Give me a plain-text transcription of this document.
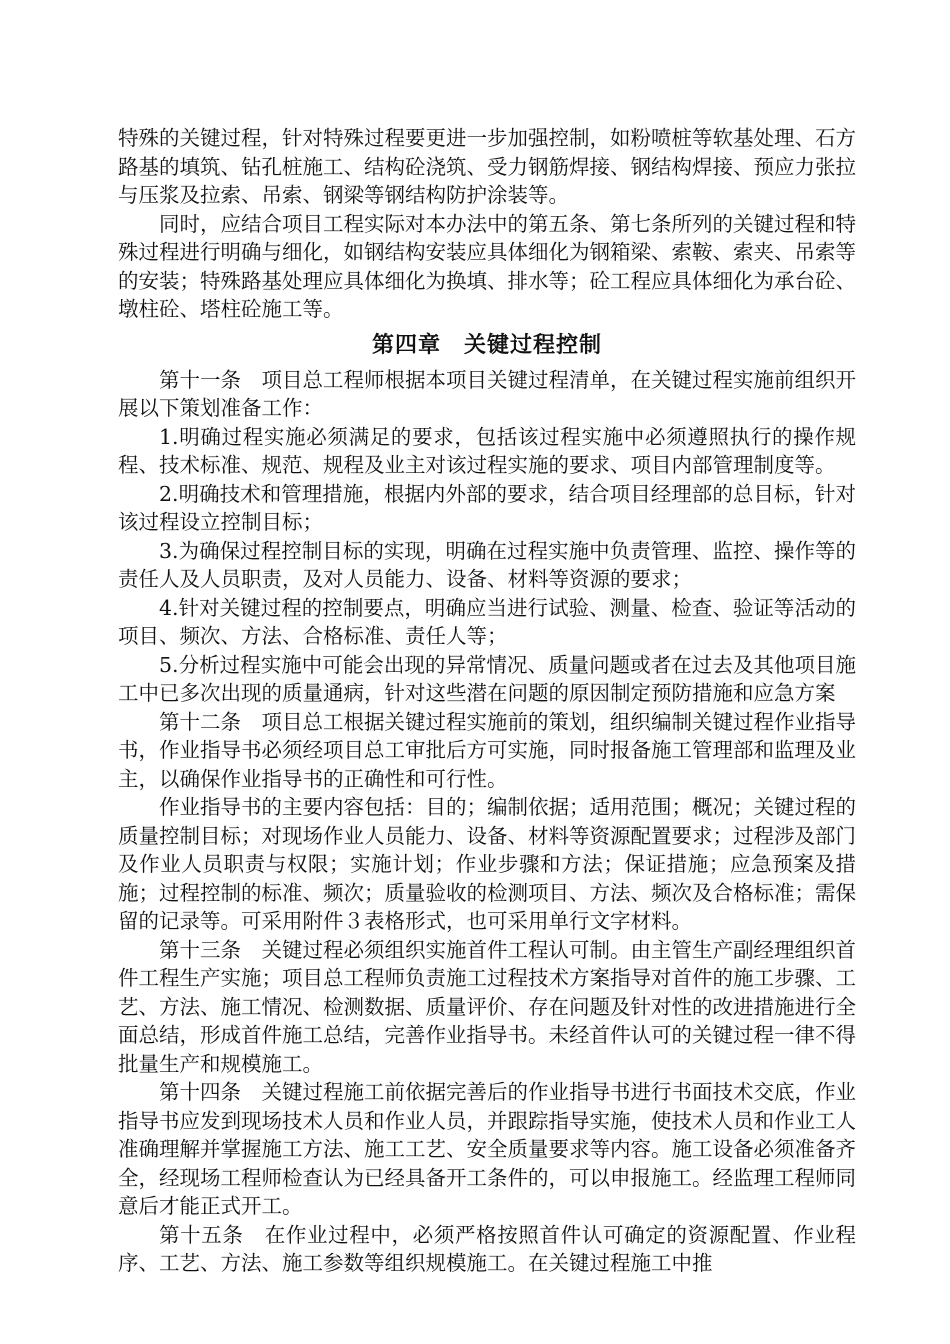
特殊的关键过程，针对特殊过程要更进一步加强控制，如粉喷桩等软基处理、石方路基的填筑、钻孔桩施工、结构砼浇筑、受力钢筋焊接、钢结构焊接、预应力张拉与压浆及拉索、吊索、钢梁等钢结构防护涂装等。

同时，应结合项目工程实际对本办法中的第五条、第七条所列的关键过程和特殊过程进行明确与细化，如钢结构安装应具体细化为钢箱梁、索鞍、索夹、吊索等的安装；特殊路基处理应具体细化为换填、排水等；砼工程应具体细化为承台砼、墩柱砼、塔柱砼施工等。

第四章　关键过程控制

第十一条　项目总工程师根据本项目关键过程清单，在关键过程实施前组织开展以下策划准备工作：

1.明确过程实施必须满足的要求，包括该过程实施中必须遵照执行的操作规程、技术标准、规范、规程及业主对该过程实施的要求、项目内部管理制度等。

2.明确技术和管理措施，根据内外部的要求，结合项目经理部的总目标，针对该过程设立控制目标；

3.为确保过程控制目标的实现，明确在过程实施中负责管理、监控、操作等的责任人及人员职责，及对人员能力、设备、材料等资源的要求；

4.针对关键过程的控制要点，明确应当进行试验、测量、检查、验证等活动的项目、频次、方法、合格标准、责任人等；

5.分析过程实施中可能会出现的异常情况、质量问题或者在过去及其他项目施工中已多次出现的质量通病，针对这些潜在问题的原因制定预防措施和应急方案

第十二条　项目总工根据关键过程实施前的策划，组织编制关键过程作业指导书，作业指导书必须经项目总工审批后方可实施，同时报备施工管理部和监理及业主，以确保作业指导书的正确性和可行性。

作业指导书的主要内容包括：目的；编制依据；适用范围；概况；关键过程的质量控制目标；对现场作业人员能力、设备、材料等资源配置要求；过程涉及部门及作业人员职责与权限；实施计划；作业步骤和方法；保证措施；应急预案及措施；过程控制的标准、频次；质量验收的检测项目、方法、频次及合格标准；需保留的记录等。可采用附件３表格形式，也可采用单行文字材料。

第十三条　关键过程必须组织实施首件工程认可制。由主管生产副经理组织首件工程生产实施；项目总工程师负责施工过程技术方案指导对首件的施工步骤、工艺、方法、施工情况、检测数据、质量评价、存在问题及针对性的改进措施进行全面总结，形成首件施工总结，完善作业指导书。未经首件认可的关键过程一律不得批量生产和规模施工。

第十四条　关键过程施工前依据完善后的作业指导书进行书面技术交底，作业指导书应发到现场技术人员和作业人员，并跟踪指导实施，使技术人员和作业工人准确理解并掌握施工方法、施工工艺、安全质量要求等内容。施工设备必须准备齐全，经现场工程师检查认为已经具备开工条件的，可以申报施工。经监理工程师同意后才能正式开工。

第十五条　在作业过程中，必须严格按照首件认可确定的资源配置、作业程序、工艺、方法、施工参数等组织规模施工。在关键过程施工中推
